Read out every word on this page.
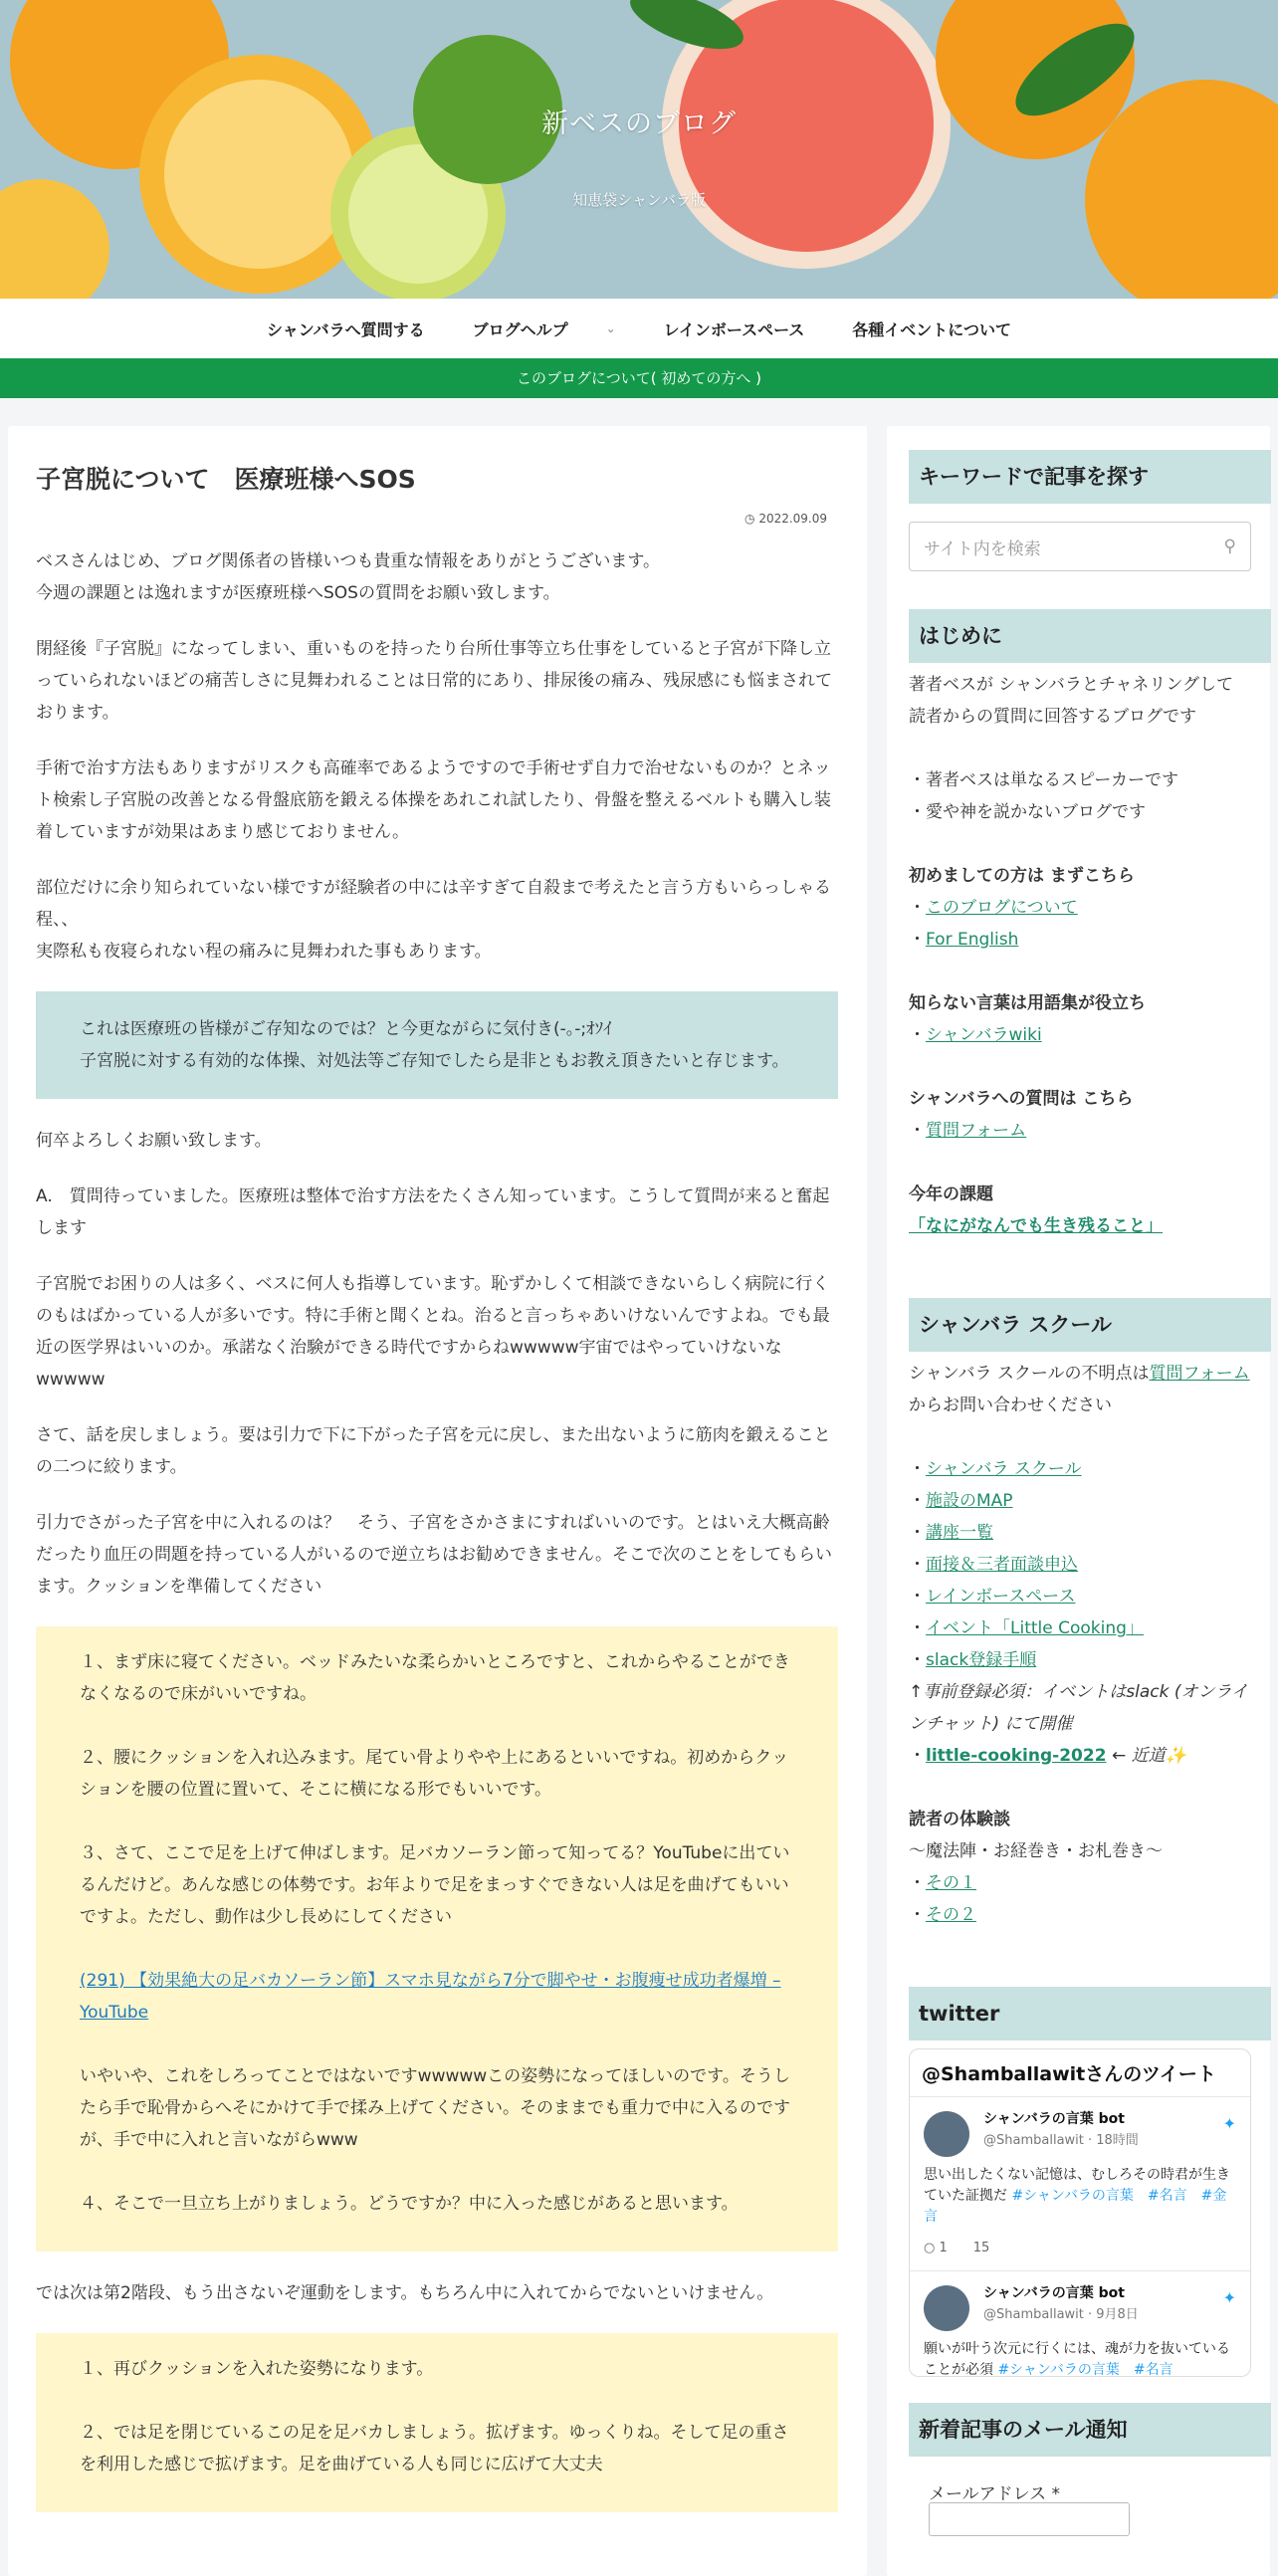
新ベスのブログ
知恵袋シャンバラ版
シャンバラへ質問する	ブログヘルプ	⌄	レインボースペース	各種イベントについて
このブログについて( 初めての方へ )
子宮脱について　医療班様へSOS
◷ 2022.09.09

ベスさんはじめ、ブログ関係者の皆様いつも貴重な情報をありがとうございます。
今週の課題とは逸れますが医療班様へSOSの質問をお願い致します。

閉経後『子宮脱』になってしまい、重いものを持ったり台所仕事等立ち仕事をしていると子宮が下降し立っていられないほどの痛苦しさに見舞われることは日常的にあり、排尿後の痛み、残尿感にも悩まされております。

手術で治す方法もありますがリスクも高確率であるようですので手術せず自力で治せないものか？とネット検索し子宮脱の改善となる骨盤底筋を鍛える体操をあれこれ試したり、骨盤を整えるベルトも購入し装着していますが効果はあまり感じておりません。

部位だけに余り知られていない様ですが経験者の中には辛すぎて自殺まで考えたと言う方もいらっしゃる程、、
実際私も夜寝られない程の痛みに見舞われた事もあります。

これは医療班の皆様がご存知なのでは？と今更ながらに気付き(-｡-;ｵｿｲ

子宮脱に対する有効的な体操、対処法等ご存知でしたら是非ともお教え頂きたいと存じます。

何卒よろしくお願い致します。

A.　質問待っていました。医療班は整体で治す方法をたくさん知っています。こうして質問が来ると奮起します

子宮脱でお困りの人は多く、ベスに何人も指導しています。恥ずかしくて相談できないらしく病院に行くのもはばかっている人が多いです。特に手術と聞くとね。治ると言っちゃあいけないんですよね。でも最近の医学界はいいのか。承諾なく治験ができる時代ですからねwwwww宇宙ではやっていけないなwwwww

さて、話を戻しましょう。要は引力で下に下がった子宮を元に戻し、また出ないように筋肉を鍛えることの二つに絞ります。

引力でさがった子宮を中に入れるのは？　そう、子宮をさかさまにすればいいのです。とはいえ大概高齢だったり血圧の問題を持っている人がいるので逆立ちはお勧めできません。そこで次のことをしてもらいます。クッションを準備してください

１、まず床に寝てください。ベッドみたいな柔らかいところですと、これからやることができなくなるので床がいいですね。

２、腰にクッションを入れ込みます。尾てい骨よりやや上にあるといいですね。初めからクッションを腰の位置に置いて、そこに横になる形でもいいです。

３、さて、ここで足を上げて伸ばします。足バカソーラン節って知ってる？YouTubeに出ているんだけど。あんな感じの体勢です。お年よりで足をまっすぐできない人は足を曲げてもいいですよ。ただし、動作は少し長めにしてください

(291) 【効果絶大の足バカソーラン節】スマホ見ながら7分で脚やせ・お腹痩せ成功者爆増 – YouTube

いやいや、これをしろってことではないですwwwwwこの姿勢になってほしいのです。そうしたら手で恥骨からへそにかけて手で揉み上げてください。そのままでも重力で中に入るのですが、手で中に入れと言いながらwww

４、そこで一旦立ち上がりましょう。どうですか？中に入った感じがあると思います。

では次は第2階段、もう出さないぞ運動をします。もちろん中に入れてからでないといけません。

１、再びクッションを入れた姿勢になります。

２、では足を閉じているこの足を足バカしましょう。拡げます。ゆっくりね。そして足の重さを利用した感じで拡げます。足を曲げている人も同じに広げて大丈夫

キーワードで記事を探す
サイト内を検索	⚲
はじめに
著者ベスが シャンバラとチャネリングして 読者からの質問に回答するブログです
・著者ベスは単なるスピーカーです
・愛や神を説かないブログです
初めましての方は まずこちら
・このブログについて
・For English
知らない言葉は用語集が役立ち
・シャンバラwiki
シャンバラへの質問は こちら
・質問フォーム
今年の課題
「なにがなんでも生き残ること」
シャンバラ スクール
シャンバラ スクールの不明点は質問フォームからお問い合わせください
・シャンバラ スクール
・施設のMAP
・講座一覧
・面接＆三者面談申込
・レインボースペース
・イベント「Little Cooking」
・slack登録手順
↑事前登録必須：イベントはslack (オンラインチャット) にて開催
・little-cooking-2022 ← 近道✨
読者の体験談
〜魔法陣・お経巻き・お札巻き〜
・その１
・その２
twitter
@Shamballawitさんのツイート
✦
シャンバラの言葉 bot
@Shamballawit · 18時間
思い出したくない記憶は、むしろその時君が生きていた証拠だ #シャンバラの言葉　#名言　#金言
○ 1　　15
✦
シャンバラの言葉 bot
@Shamballawit · 9月8日
願いが叶う次元に行くには、魂が力を抜いていることが必須 #シャンバラの言葉　#名言
新着記事のメール通知
メールアドレス *
